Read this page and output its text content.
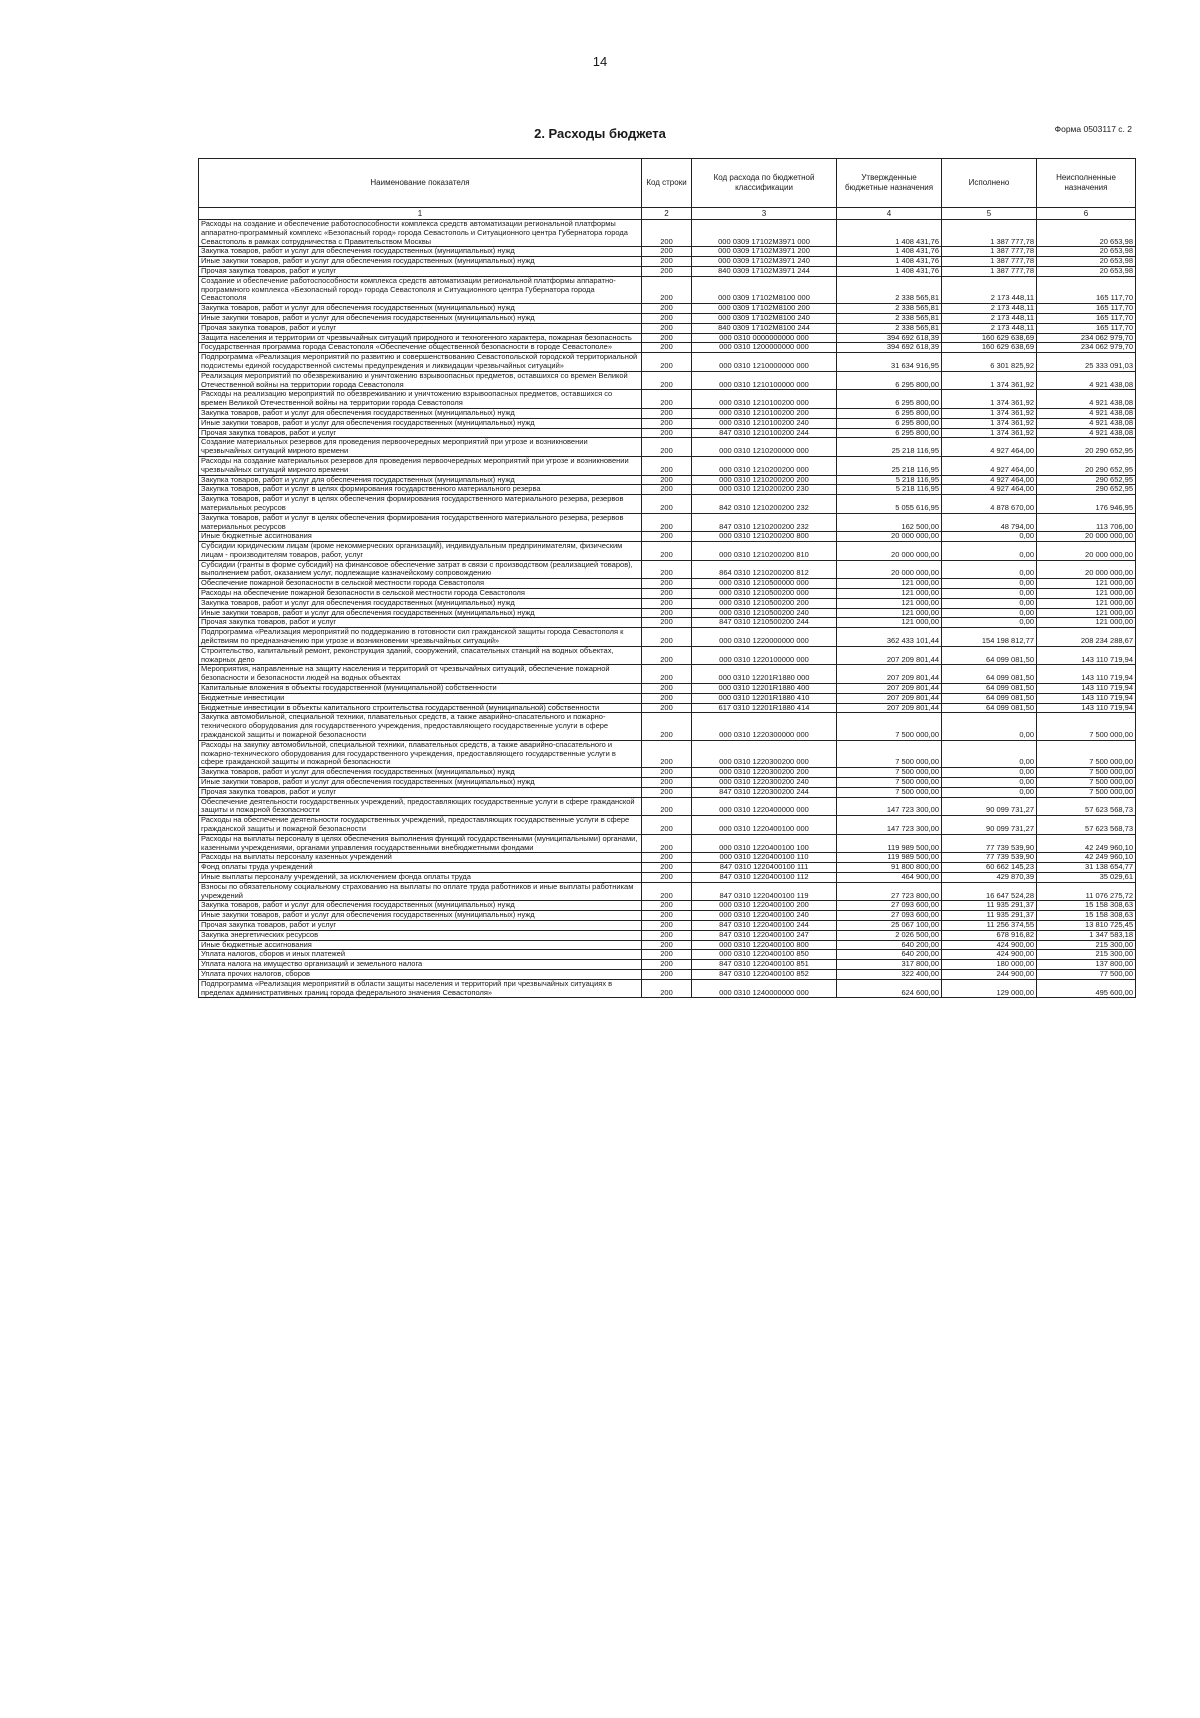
14
Форма 0503117 с. 2
2. Расходы бюджета
Наименование показателя	Код строки	Код расхода по бюджетной классификации	Утвержденные бюджетные назначения	Исполнено	Неисполненные назначения
1	2	3	4	5	6
Расходы на создание и обеспечение работоспособности комплекса средств автоматизации региональной платформы аппаратно-программный комплекс «Безопасный город» города Севастополь и Ситуационного центра Губернатора города Севастополь в рамках сотрудничества с Правительством Москвы	200	000 0309 17102M3971 000	1 408 431,76	1 387 777,78	20 653,98
Закупка товаров, работ и услуг для обеспечения государственных (муниципальных) нужд	200	000 0309 17102M3971 200	1 408 431,76	1 387 777,78	20 653,98
Иные закупки товаров, работ и услуг для обеспечения государственных (муниципальных) нужд	200	000 0309 17102M3971 240	1 408 431,76	1 387 777,78	20 653,98
Прочая закупка товаров, работ и услуг	200	840 0309 17102M3971 244	1 408 431,76	1 387 777,78	20 653,98
Создание и обеспечение работоспособности комплекса средств автоматизации региональной платформы аппаратно-программного комплекса «Безопасный город» города Севастополя и Ситуационного центра Губернатора города Севастополя	200	000 0309 17102M8100 000	2 338 565,81	2 173 448,11	165 117,70
Закупка товаров, работ и услуг для обеспечения государственных (муниципальных) нужд	200	000 0309 17102M8100 200	2 338 565,81	2 173 448,11	165 117,70
Иные закупки товаров, работ и услуг для обеспечения государственных (муниципальных) нужд	200	000 0309 17102M8100 240	2 338 565,81	2 173 448,11	165 117,70
Прочая закупка товаров, работ и услуг	200	840 0309 17102M8100 244	2 338 565,81	2 173 448,11	165 117,70
Защита населения и территории от чрезвычайных ситуаций природного и техногенного характера, пожарная безопасность	200	000 0310 0000000000 000	394 692 618,39	160 629 638,69	234 062 979,70
Государственная программа города Севастополя «Обеспечение общественной безопасности в городе Севастополе»	200	000 0310 1200000000 000	394 692 618,39	160 629 638,69	234 062 979,70
Подпрограмма «Реализация мероприятий по развитию и совершенствованию Севастопольской городской территориальной подсистемы единой государственной системы предупреждения и ликвидации чрезвычайных ситуаций»	200	000 0310 1210000000 000	31 634 916,95	6 301 825,92	25 333 091,03
Реализация мероприятий по обезвреживанию и уничтожению взрывоопасных предметов, оставшихся со времен Великой Отечественной войны на территории города Севастополя	200	000 0310 1210100000 000	6 295 800,00	1 374 361,92	4 921 438,08
Расходы на реализацию мероприятий по обезвреживанию и уничтожению взрывоопасных предметов, оставшихся со времен Великой Отечественной войны на территории города Севастополя	200	000 0310 1210100200 000	6 295 800,00	1 374 361,92	4 921 438,08
Закупка товаров, работ и услуг для обеспечения государственных (муниципальных) нужд	200	000 0310 1210100200 200	6 295 800,00	1 374 361,92	4 921 438,08
Иные закупки товаров, работ и услуг для обеспечения государственных (муниципальных) нужд	200	000 0310 1210100200 240	6 295 800,00	1 374 361,92	4 921 438,08
Прочая закупка товаров, работ и услуг	200	847 0310 1210100200 244	6 295 800,00	1 374 361,92	4 921 438,08
Создание материальных резервов для проведения первоочередных мероприятий при угрозе и возникновении чрезвычайных ситуаций мирного времени	200	000 0310 1210200000 000	25 218 116,95	4 927 464,00	20 290 652,95
Расходы на создание материальных резервов для проведения первоочередных мероприятий при угрозе и возникновении чрезвычайных ситуаций мирного времени	200	000 0310 1210200200 000	25 218 116,95	4 927 464,00	20 290 652,95
Закупка товаров, работ и услуг для обеспечения государственных (муниципальных) нужд	200	000 0310 1210200200 200	5 218 116,95	4 927 464,00	290 652,95
Закупка товаров, работ и услуг в целях формирования государственного материального резерва	200	000 0310 1210200200 230	5 218 116,95	4 927 464,00	290 652,95
Закупка товаров, работ и услуг в целях обеспечения формирования государственного материального резерва, резервов материальных ресурсов	200	842 0310 1210200200 232	5 055 616,95	4 878 670,00	176 946,95
Закупка товаров, работ и услуг в целях обеспечения формирования государственного материального резерва, резервов материальных ресурсов	200	847 0310 1210200200 232	162 500,00	48 794,00	113 706,00
Иные бюджетные ассигнования	200	000 0310 1210200200 800	20 000 000,00	0,00	20 000 000,00
Субсидии юридическим лицам (кроме некоммерческих организаций), индивидуальным предпринимателям, физическим лицам - производителям товаров, работ, услуг	200	000 0310 1210200200 810	20 000 000,00	0,00	20 000 000,00
Субсидии (гранты в форме субсидий) на финансовое обеспечение затрат в связи с производством (реализацией товаров), выполнением работ, оказанием услуг, подлежащие казначейскому сопровождению	200	864 0310 1210200200 812	20 000 000,00	0,00	20 000 000,00
Обеспечение пожарной безопасности в сельской местности города Севастополя	200	000 0310 1210500000 000	121 000,00	0,00	121 000,00
Расходы на обеспечение пожарной безопасности в сельской местности города Севастополя	200	000 0310 1210500200 000	121 000,00	0,00	121 000,00
Закупка товаров, работ и услуг для обеспечения государственных (муниципальных) нужд	200	000 0310 1210500200 200	121 000,00	0,00	121 000,00
Иные закупки товаров, работ и услуг для обеспечения государственных (муниципальных) нужд	200	000 0310 1210500200 240	121 000,00	0,00	121 000,00
Прочая закупка товаров, работ и услуг	200	847 0310 1210500200 244	121 000,00	0,00	121 000,00
Подпрограмма «Реализация мероприятий по поддержанию в готовности сил гражданской защиты города Севастополя к действиям по предназначению при угрозе и возникновении чрезвычайных ситуаций»	200	000 0310 1220000000 000	362 433 101,44	154 198 812,77	208 234 288,67
Строительство, капитальный ремонт, реконструкция зданий, сооружений, спасательных станций на водных объектах, пожарных депо	200	000 0310 1220100000 000	207 209 801,44	64 099 081,50	143 110 719,94
Мероприятия, направленные на защиту населения и территорий от чрезвычайных ситуаций, обеспечение пожарной безопасности и безопасности людей на водных объектах	200	000 0310 12201R1880 000	207 209 801,44	64 099 081,50	143 110 719,94
Капитальные вложения в объекты государственной (муниципальной) собственности	200	000 0310 12201R1880 400	207 209 801,44	64 099 081,50	143 110 719,94
Бюджетные инвестиции	200	000 0310 12201R1880 410	207 209 801,44	64 099 081,50	143 110 719,94
Бюджетные инвестиции в объекты капитального строительства государственной (муниципальной) собственности	200	617 0310 12201R1880 414	207 209 801,44	64 099 081,50	143 110 719,94
Закупка автомобильной, специальной техники, плавательных средств, а также аварийно-спасательного и пожарно-технического оборудования для государственного учреждения, предоставляющего государственные услуги в сфере гражданской защиты и пожарной безопасности	200	000 0310 1220300000 000	7 500 000,00	0,00	7 500 000,00
Расходы на закупку автомобильной, специальной техники, плавательных средств, а также аварийно-спасательного и пожарно-технического оборудования для государственного учреждения, предоставляющего государственные услуги в сфере гражданской защиты и пожарной безопасности	200	000 0310 1220300200 000	7 500 000,00	0,00	7 500 000,00
Закупка товаров, работ и услуг для обеспечения государственных (муниципальных) нужд	200	000 0310 1220300200 200	7 500 000,00	0,00	7 500 000,00
Иные закупки товаров, работ и услуг для обеспечения государственных (муниципальных) нужд	200	000 0310 1220300200 240	7 500 000,00	0,00	7 500 000,00
Прочая закупка товаров, работ и услуг	200	847 0310 1220300200 244	7 500 000,00	0,00	7 500 000,00
Обеспечение деятельности государственных учреждений, предоставляющих государственные услуги в сфере гражданской защиты и пожарной безопасности	200	000 0310 1220400000 000	147 723 300,00	90 099 731,27	57 623 568,73
Расходы на обеспечение деятельности государственных учреждений, предоставляющих государственные услуги в сфере гражданской защиты и пожарной безопасности	200	000 0310 1220400100 000	147 723 300,00	90 099 731,27	57 623 568,73
Расходы на выплаты персоналу в целях обеспечения выполнения функций государственными (муниципальными) органами, казенными учреждениями, органами управления государственными внебюджетными фондами	200	000 0310 1220400100 100	119 989 500,00	77 739 539,90	42 249 960,10
Расходы на выплаты персоналу казенных учреждений	200	000 0310 1220400100 110	119 989 500,00	77 739 539,90	42 249 960,10
Фонд оплаты труда учреждений	200	847 0310 1220400100 111	91 800 800,00	60 662 145,23	31 138 654,77
Иные выплаты персоналу учреждений, за исключением фонда оплаты труда	200	847 0310 1220400100 112	464 900,00	429 870,39	35 029,61
Взносы по обязательному социальному страхованию на выплаты по оплате труда работников и иные выплаты работникам учреждений	200	847 0310 1220400100 119	27 723 800,00	16 647 524,28	11 076 275,72
Закупка товаров, работ и услуг для обеспечения государственных (муниципальных) нужд	200	000 0310 1220400100 200	27 093 600,00	11 935 291,37	15 158 308,63
Иные закупки товаров, работ и услуг для обеспечения государственных (муниципальных) нужд	200	000 0310 1220400100 240	27 093 600,00	11 935 291,37	15 158 308,63
Прочая закупка товаров, работ и услуг	200	847 0310 1220400100 244	25 067 100,00	11 256 374,55	13 810 725,45
Закупка энергетических ресурсов	200	847 0310 1220400100 247	2 026 500,00	678 916,82	1 347 583,18
Иные бюджетные ассигнования	200	000 0310 1220400100 800	640 200,00	424 900,00	215 300,00
Уплата налогов, сборов и иных платежей	200	000 0310 1220400100 850	640 200,00	424 900,00	215 300,00
Уплата налога на имущество организаций и земельного налога	200	847 0310 1220400100 851	317 800,00	180 000,00	137 800,00
Уплата прочих налогов, сборов	200	847 0310 1220400100 852	322 400,00	244 900,00	77 500,00
Подпрограмма «Реализация мероприятий в области защиты населения и территорий при чрезвычайных ситуациях в пределах административных границ города федерального значения Севастополя»	200	000 0310 1240000000 000	624 600,00	129 000,00	495 600,00
